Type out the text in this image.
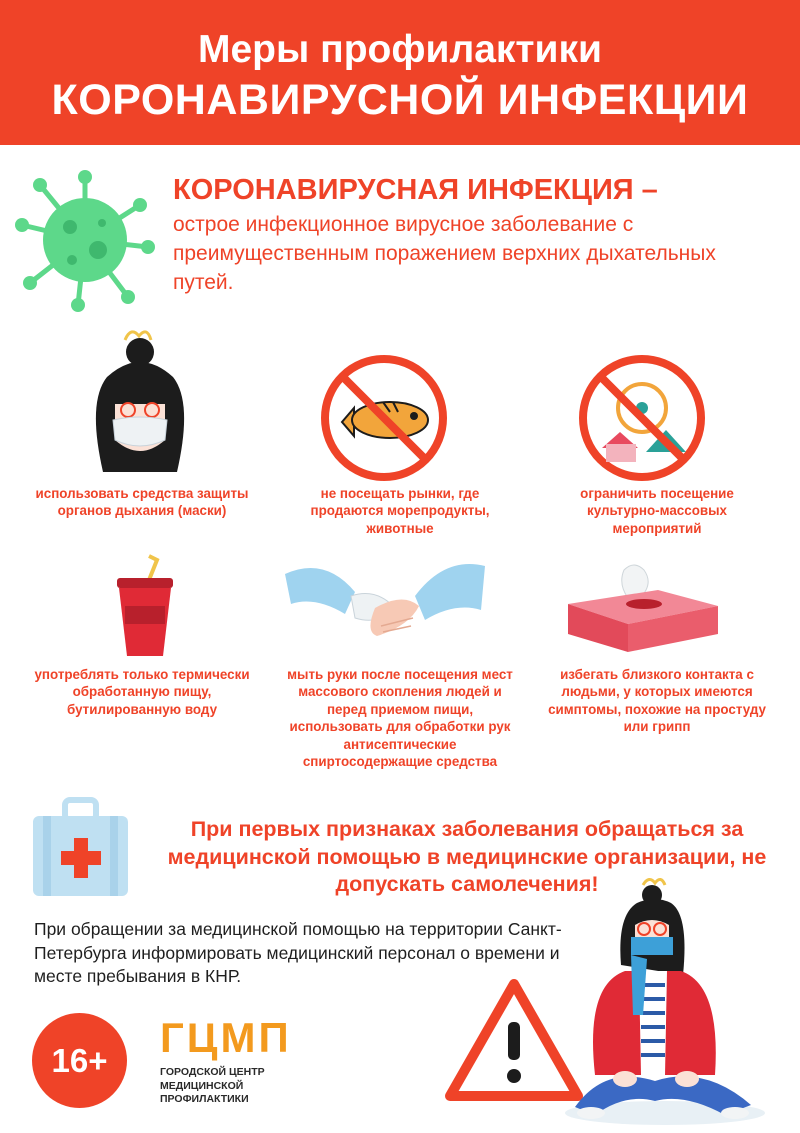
Меры профилактики
КОРОНАВИРУСНОЙ ИНФЕКЦИИ
КОРОНАВИРУСНАЯ ИНФЕКЦИЯ –
острое инфекционное вирусное заболевание с преимущественным поражением верхних дыхательных путей.
использовать средства защиты органов дыхания (маски)
не посещать рынки, где продаются морепродукты, животные
ограничить посещение культурно-массовых мероприятий
употреблять только термически обработанную пищу, бутилированную воду
мыть руки после посещения мест массового скопления людей и перед приемом пищи, использовать для обработки рук антисептические спиртосодержащие средства
избегать близкого контакта с людьми, у которых имеются симптомы, похожие на простуду или грипп
При первых признаках заболевания обращаться за медицинской помощью в медицинские организации, не допускать самолечения!
При обращении за медицинской помощью на территории Санкт-Петербурга информировать медицинский персонал о времени и месте пребывания в КНР.
16+	ГЦМП
ГОРОДСКОЙ ЦЕНТР МЕДИЦИНСКОЙ ПРОФИЛАКТИКИ
